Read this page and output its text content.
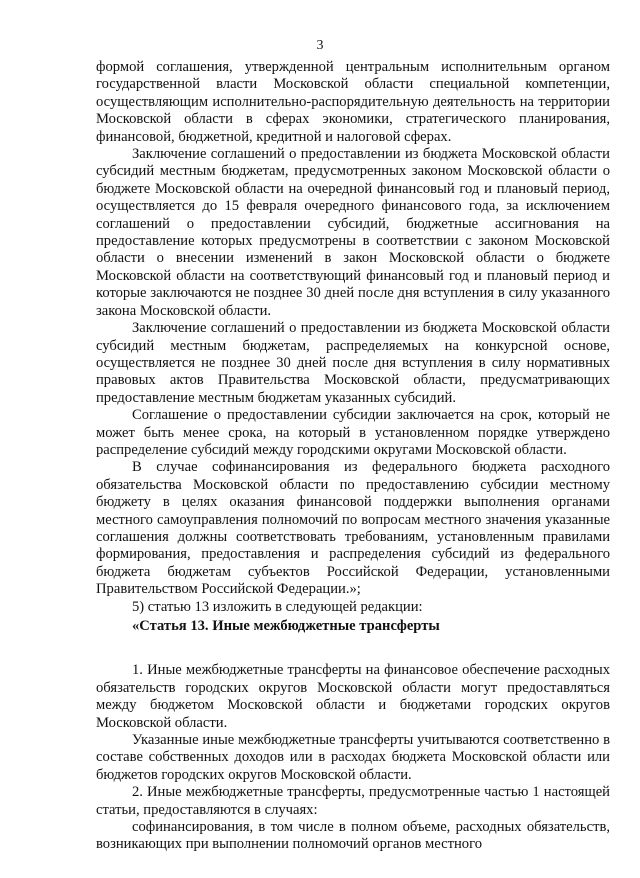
3

формой соглашения, утвержденной центральным исполнительным органом государственной власти Московской области специальной компетенции, осуществляющим исполнительно-распорядительную деятельность на территории Московской области в сферах экономики, стратегического планирования, финансовой, бюджетной, кредитной и налоговой сферах.

Заключение соглашений о предоставлении из бюджета Московской области субсидий местным бюджетам, предусмотренных законом Московской области о бюджете Московской области на очередной финансовый год и плановый период, осуществляется до 15 февраля очередного финансового года, за исключением соглашений о предоставлении субсидий, бюджетные ассигнования на предоставление которых предусмотрены в соответствии с законом Московской области о внесении изменений в закон Московской области о бюджете Московской области на соответствующий финансовый год и плановый период и которые заключаются не позднее 30 дней после дня вступления в силу указанного закона Московской области.

Заключение соглашений о предоставлении из бюджета Московской области субсидий местным бюджетам, распределяемых на конкурсной основе, осуществляется не позднее 30 дней после дня вступления в силу нормативных правовых актов Правительства Московской области, предусматривающих предоставление местным бюджетам указанных субсидий.

Соглашение о предоставлении субсидии заключается на срок, который не может быть менее срока, на который в установленном порядке утверждено распределение субсидий между городскими округами Московской области.

В случае софинансирования из федерального бюджета расходного обязательства Московской области по предоставлению субсидии местному бюджету в целях оказания финансовой поддержки выполнения органами местного самоуправления полномочий по вопросам местного значения указанные соглашения должны соответствовать требованиям, установленным правилами формирования, предоставления и распределения субсидий из федерального бюджета бюджетам субъектов Российской Федерации, установленными Правительством Российской Федерации.»;

5) статью 13 изложить в следующей редакции:

«Статья 13. Иные межбюджетные трансферты

1. Иные межбюджетные трансферты на финансовое обеспечение расходных обязательств городских округов Московской области могут предоставляться между бюджетом Московской области и бюджетами городских округов Московской области.

Указанные иные межбюджетные трансферты учитываются соответственно в составе собственных доходов или в расходах бюджета Московской области или бюджетов городских округов Московской области.

2. Иные межбюджетные трансферты, предусмотренные частью 1 настоящей статьи, предоставляются в случаях:

софинансирования, в том числе в полном объеме, расходных обязательств, возникающих при выполнении полномочий органов местного
